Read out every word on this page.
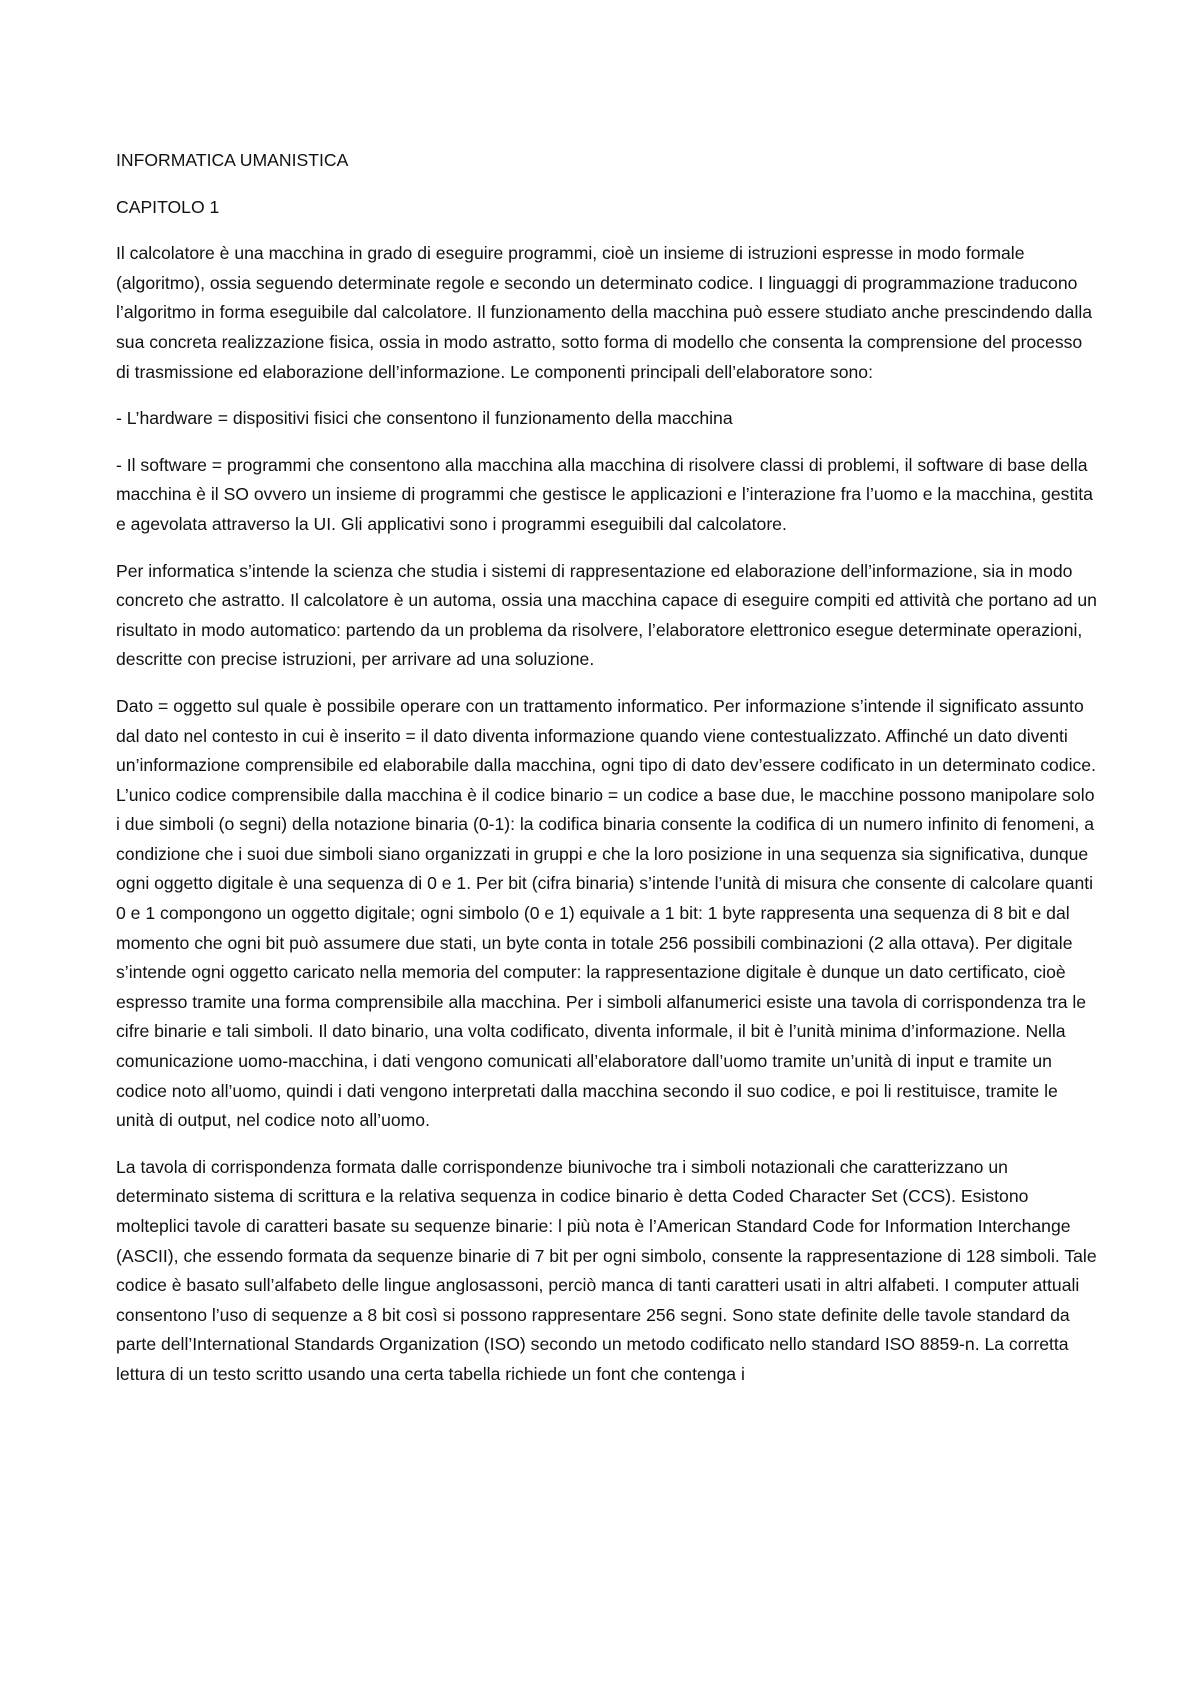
INFORMATICA UMANISTICA

CAPITOLO 1

Il calcolatore è una macchina in grado di eseguire programmi, cioè un insieme di istruzioni espresse in modo formale (algoritmo), ossia seguendo determinate regole e secondo un determinato codice. I linguaggi di programmazione traducono l’algoritmo in forma eseguibile dal calcolatore. Il funzionamento della macchina può essere studiato anche prescindendo dalla sua concreta realizzazione fisica, ossia in modo astratto, sotto forma di modello che consenta la comprensione del processo di trasmissione ed elaborazione dell’informazione. Le componenti principali dell’elaboratore sono:

- L’hardware = dispositivi fisici che consentono il funzionamento della macchina

- Il software = programmi che consentono alla macchina alla macchina di risolvere classi di problemi, il software di base della macchina è il SO ovvero un insieme di programmi che gestisce le applicazioni e l’interazione fra l’uomo e la macchina, gestita e agevolata attraverso la UI. Gli applicativi sono i programmi eseguibili dal calcolatore.

Per informatica s’intende la scienza che studia i sistemi di rappresentazione ed elaborazione dell’informazione, sia in modo concreto che astratto. Il calcolatore è un automa, ossia una macchina capace di eseguire compiti ed attività che portano ad un risultato in modo automatico: partendo da un problema da risolvere, l’elaboratore elettronico esegue determinate operazioni, descritte con precise istruzioni, per arrivare ad una soluzione.

Dato = oggetto sul quale è possibile operare con un trattamento informatico. Per informazione s’intende il significato assunto dal dato nel contesto in cui è inserito = il dato diventa informazione quando viene contestualizzato. Affinché un dato diventi un’informazione comprensibile ed elaborabile dalla macchina, ogni tipo di dato dev’essere codificato in un determinato codice. L’unico codice comprensibile dalla macchina è il codice binario = un codice a base due, le macchine possono manipolare solo i due simboli (o segni) della notazione binaria (0-1): la codifica binaria consente la codifica di un numero infinito di fenomeni, a condizione che i suoi due simboli siano organizzati in gruppi e che la loro posizione in una sequenza sia significativa, dunque ogni oggetto digitale è una sequenza di 0 e 1. Per bit (cifra binaria) s’intende l’unità di misura che consente di calcolare quanti 0 e 1 compongono un oggetto digitale; ogni simbolo (0 e 1) equivale a 1 bit: 1 byte rappresenta una sequenza di 8 bit e dal momento che ogni bit può assumere due stati, un byte conta in totale 256 possibili combinazioni (2 alla ottava). Per digitale s’intende ogni oggetto caricato nella memoria del computer: la rappresentazione digitale è dunque un dato certificato, cioè espresso tramite una forma comprensibile alla macchina. Per i simboli alfanumerici esiste una tavola di corrispondenza tra le cifre binarie e tali simboli. Il dato binario, una volta codificato, diventa informale, il bit è l’unità minima d’informazione. Nella comunicazione uomo-macchina, i dati vengono comunicati all’elaboratore dall’uomo tramite un’unità di input e tramite un codice noto all’uomo, quindi i dati vengono interpretati dalla macchina secondo il suo codice, e poi li restituisce, tramite le unità di output, nel codice noto all’uomo.

La tavola di corrispondenza formata dalle corrispondenze biunivoche tra i simboli notazionali che caratterizzano un determinato sistema di scrittura e la relativa sequenza in codice binario è detta Coded Character Set (CCS). Esistono molteplici tavole di caratteri basate su sequenze binarie: l più nota è l’American Standard Code for Information Interchange (ASCII), che essendo formata da sequenze binarie di 7 bit per ogni simbolo, consente la rappresentazione di 128 simboli. Tale codice è basato sull’alfabeto delle lingue anglosassoni, perciò manca di tanti caratteri usati in altri alfabeti. I computer attuali consentono l’uso di sequenze a 8 bit così si possono rappresentare 256 segni. Sono state definite delle tavole standard da parte dell’International Standards Organization (ISO) secondo un metodo codificato nello standard ISO 8859-n. La corretta lettura di un testo scritto usando una certa tabella richiede un font che contenga i
